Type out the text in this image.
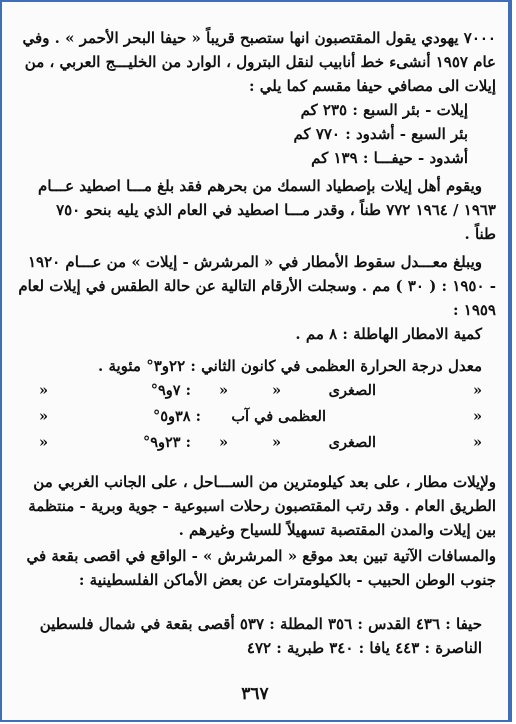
٧٠٠٠ يهودي يقول المقتصبون انها ستصبح قريباً « حيفا البحر الأحمر » . وفي
عام ١٩٥٧ أنشىء خط أنابيب لنقل البترول ، الوارد من الخليـــج العربي ، من
إيلات الى مصافي حيفا مقسم كما يلي :
إيلات - بئر السبع : ٢٣٥ كم
بئر السبع - أشدود : ٧٧٠ كم
أشدود - حيفـــا : ١٣٩ كم
ويقوم أهل إيلات بإصطياد السمك من بحرهم فقد بلغ مـــا اصطيد عـــام
١٩٦٣ / ١٩٦٤ ٧٧٢ طناً ، وقدر مـــا اصطيد في العام الذي يليه بنحو ٧٥٠
طناً .
ويبلغ معـــدل سقوط الأمطار في « المرشرش - إيلات » من عـــام ١٩٢٠
- ١٩٥٠ : ( ٣٠ ) مم . وسجلت الأرقام التالية عن حالة الطقس في إيلات لعام
١٩٥٩ :
كمية الامطار الهاطلة : ٨ مم .
معدل درجة الحرارة العظمى في كانون الثاني : ٢٢و٣° مئوية .
«
الصغرى
«
«
: ٧و٩°
«
«
العظمى في آب
: ٣٨و٥°
«
«
الصغرى
«
«
: ٢٣و٩°
«
ولإيلات مطار ، على بعد كيلومترين من الســـاحل ، على الجانب الغربي من
الطريق العام . وقد رتب المقتصبون رحلات اسبوعية - جوية وبرية - منتظمة
بين إيلات والمدن المقتصبة تسهيلاً للسياح وغيرهم .
والمسافات الآتية تبين بعد موقع « المرشرش » - الواقع في اقصى بقعة في
جنوب الوطن الحبيب - بالكيلومترات عن بعض الأماكن الفلسطينية :
حيفا : ٤٣٦ القدس : ٣٥٦ المطلة : ٥٣٧ أقصى بقعة في شمال فلسطين
الناصرة : ٤٤٣ يافا : ٣٤٠ طبرية : ٤٧٢
٣٦٧
